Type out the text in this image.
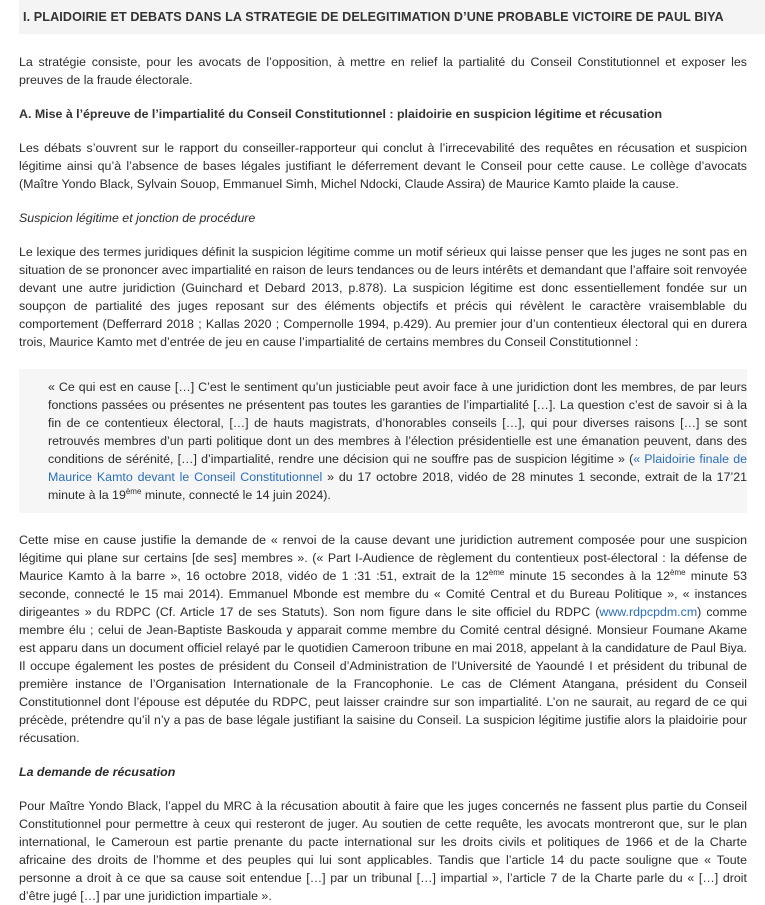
I. PLAIDOIRIE ET DEBATS DANS LA STRATEGIE DE DELEGITIMATION D’UNE PROBABLE VICTOIRE DE PAUL BIYA

La stratégie consiste, pour les avocats de l’opposition, à mettre en relief la partialité du Conseil Constitutionnel et exposer les preuves de la fraude électorale.

A. Mise à l’épreuve de l’impartialité du Conseil Constitutionnel : plaidoirie en suspicion légitime et récusation

Les débats s’ouvrent sur le rapport du conseiller-rapporteur qui conclut à l’irrecevabilité des requêtes en récusation et suspicion légitime ainsi qu’à l’absence de bases légales justifiant le déferrement devant le Conseil pour cette cause. Le collège d’avocats (Maître Yondo Black, Sylvain Souop, Emmanuel Simh, Michel Ndocki, Claude Assira) de Maurice Kamto plaide la cause.

Suspicion légitime et jonction de procédure

Le lexique des termes juridiques définit la suspicion légitime comme un motif sérieux qui laisse penser que les juges ne sont pas en situation de se prononcer avec impartialité en raison de leurs tendances ou de leurs intérêts et demandant que l’affaire soit renvoyée devant une autre juridiction (Guinchard et Debard 2013, p.878). La suspicion légitime est donc essentiellement fondée sur un soupçon de partialité des juges reposant sur des éléments objectifs et précis qui révèlent le caractère vraisemblable du comportement (Defferrard 2018 ; Kallas 2020 ; Compernolle 1994, p.429). Au premier jour d’un contentieux électoral qui en durera trois, Maurice Kamto met d’entrée de jeu en cause l’impartialité de certains membres du Conseil Constitutionnel :

« Ce qui est en cause […] C’est le sentiment qu’un justiciable peut avoir face à une juridiction dont les membres, de par leurs fonctions passées ou présentes ne présentent pas toutes les garanties de l’impartialité […]. La question c’est de savoir si à la fin de ce contentieux électoral, […] de hauts magistrats, d’honorables conseils […], qui pour diverses raisons […] se sont retrouvés membres d’un parti politique dont un des membres à l’élection présidentielle est une émanation peuvent, dans des conditions de sérénité, […] d’impartialité, rendre une décision qui ne souffre pas de suspicion légitime » (« Plaidoirie finale de Maurice Kamto devant le Conseil Constitutionnel » du 17 octobre 2018, vidéo de 28 minutes 1 seconde, extrait de la 17’21 minute à la 19ème minute, connecté le 14 juin 2024).

Cette mise en cause justifie la demande de « renvoi de la cause devant une juridiction autrement composée pour une suspicion légitime qui plane sur certains [de ses] membres ». (« Part I-Audience de règlement du contentieux post-électoral : la défense de Maurice Kamto à la barre », 16 octobre 2018, vidéo de 1 :31 :51, extrait de la 12ème minute 15 secondes à la 12ème minute 53 seconde, connecté le 15 mai 2014). Emmanuel Mbonde est membre du « Comité Central et du Bureau Politique », « instances dirigeantes » du RDPC (Cf. Article 17 de ses Statuts). Son nom figure dans le site officiel du RDPC (www.rdpcpdm.cm) comme membre élu ; celui de Jean-Baptiste Baskouda y apparait comme membre du Comité central désigné. Monsieur Foumane Akame est apparu dans un document officiel relayé par le quotidien Cameroon tribune en mai 2018, appelant à la candidature de Paul Biya. Il occupe également les postes de président du Conseil d’Administration de l’Université de Yaoundé I et président du tribunal de première instance de l’Organisation Internationale de la Francophonie. Le cas de Clément Atangana, président du Conseil Constitutionnel dont l’épouse est députée du RDPC, peut laisser craindre sur son impartialité. L’on ne saurait, au regard de ce qui précède, prétendre qu’il n’y a pas de base légale justifiant la saisine du Conseil. La suspicion légitime justifie alors la plaidoirie pour récusation.

La demande de récusation

Pour Maître Yondo Black, l’appel du MRC à la récusation aboutit à faire que les juges concernés ne fassent plus partie du Conseil Constitutionnel pour permettre à ceux qui resteront de juger. Au soutien de cette requête, les avocats montreront que, sur le plan international, le Cameroun est partie prenante du pacte international sur les droits civils et politiques de 1966 et de la Charte africaine des droits de l’homme et des peuples qui lui sont applicables. Tandis que l’article 14 du pacte souligne que « Toute personne a droit à ce que sa cause soit entendue […] par un tribunal […] impartial », l’article 7 de la Charte parle du « […] droit d’être jugé […] par une juridiction impartiale ».
